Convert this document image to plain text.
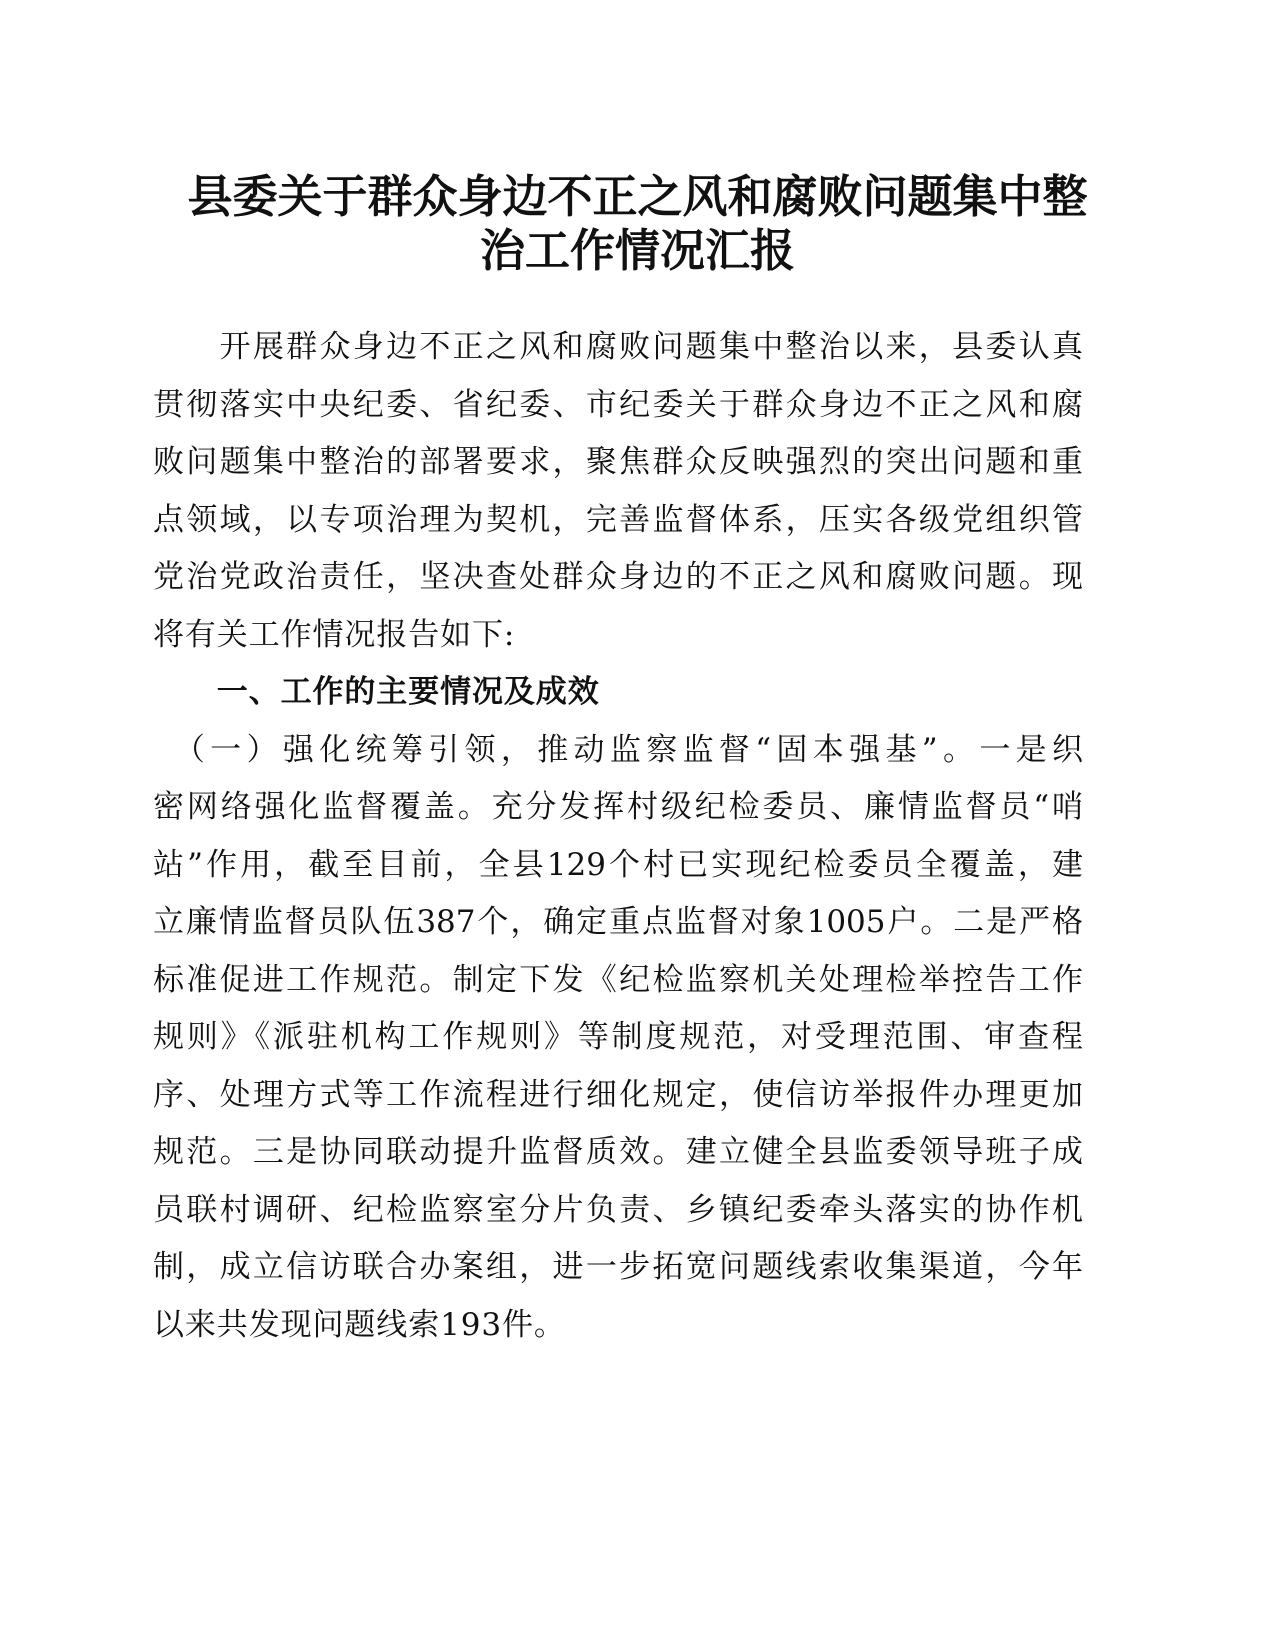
县委关于群众身边不正之风和腐败问题集中整
治工作情况汇报
　　开展群众身边不正之风和腐败问题集中整治以来，县委认真
贯彻落实中央纪委、省纪委、市纪委关于群众身边不正之风和腐
败问题集中整治的部署要求，聚焦群众反映强烈的突出问题和重
点领域，以专项治理为契机，完善监督体系，压实各级党组织管
党治党政治责任，坚决查处群众身边的不正之风和腐败问题。现
将有关工作情况报告如下:
　　一、工作的主要情况及成效
　（一）强化统筹引领，推动监察监督“固本强基”。一是织
密网络强化监督覆盖。充分发挥村级纪检委员、廉情监督员“哨
站”作用，截至目前，全县129个村已实现纪检委员全覆盖，建
立廉情监督员队伍387个，确定重点监督对象1005户。二是严格
标准促进工作规范。制定下发《纪检监察机关处理检举控告工作
规则》《派驻机构工作规则》等制度规范，对受理范围、审查程
序、处理方式等工作流程进行细化规定，使信访举报件办理更加
规范。三是协同联动提升监督质效。建立健全县监委领导班子成
员联村调研、纪检监察室分片负责、乡镇纪委牵头落实的协作机
制，成立信访联合办案组，进一步拓宽问题线索收集渠道，今年
以来共发现问题线索193件。
